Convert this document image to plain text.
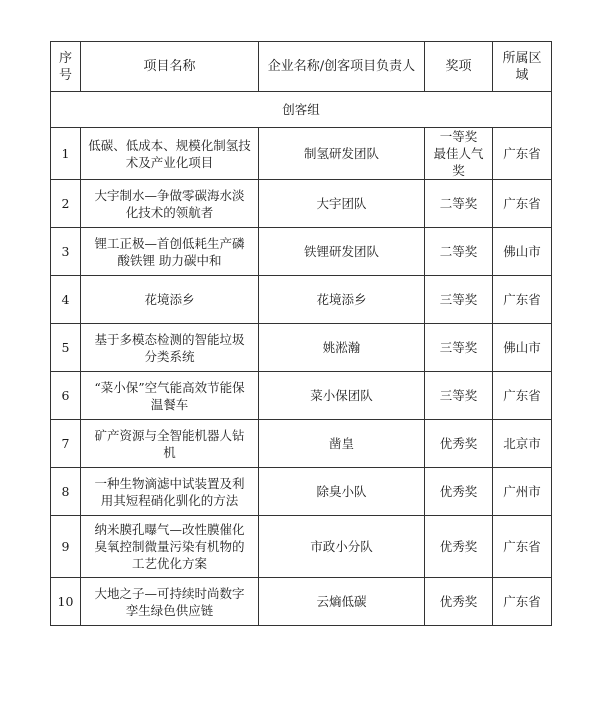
序号	项目名称	企业名称/创客项目负责人	奖项	所属区域
创客组				
1	低碳、低成本、规模化制氢技
术及产业化项目	制氢研发团队	一等奖
最佳人气奖	广东省
2	大宇制水—争做零碳海水淡
化技术的领航者	大宇团队	二等奖	广东省
3	锂工正极—首创低耗生产磷
酸铁锂 助力碳中和	铁锂研发团队	二等奖	佛山市
4	花境添乡	花境添乡	三等奖	广东省
5	基于多模态检测的智能垃圾
分类系统	姚淞瀚	三等奖	佛山市
6	“菜小保”空气能高效节能保
温餐车	菜小保团队	三等奖	广东省
7	矿产资源与全智能机器人钻
机	凿皇	优秀奖	北京市
8	一种生物滴滤中试装置及利
用其短程硝化驯化的方法	除臭小队	优秀奖	广州市
9	纳米膜孔曝气—改性膜催化
臭氧控制微量污染有机物的
工艺优化方案	市政小分队	优秀奖	广东省
10	大地之子—可持续时尚数字
孪生绿色供应链	云熵低碳	优秀奖	广东省
